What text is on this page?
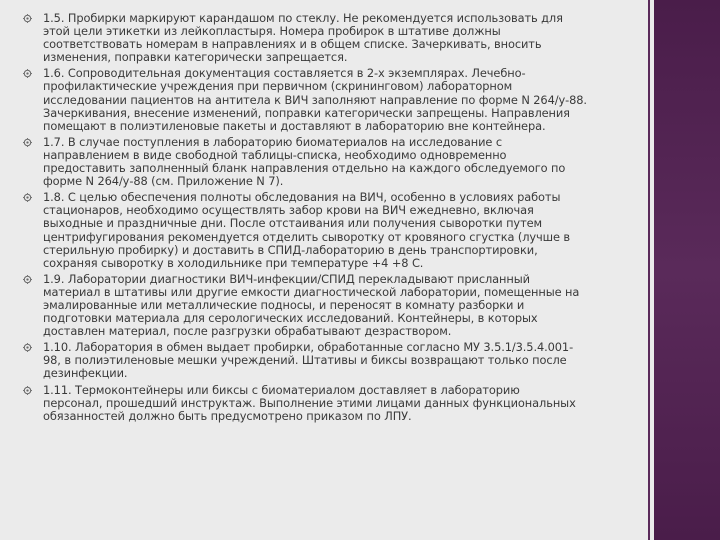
1.5. Пробирки маркируют карандашом по стеклу. Не рекомендуется использовать для
этой цели этикетки из лейкопластыря. Номера пробирок в штативе должны
соответствовать номерам в направлениях и в общем списке. Зачеркивать, вносить
изменения, поправки категорически запрещается.
1.6. Сопроводительная документация составляется в 2-х экземплярах. Лечебно-
профилактические учреждения при первичном (скрининговом) лабораторном
исследовании пациентов на антитела к ВИЧ заполняют направление по форме N 264/у-88.
Зачеркивания, внесение изменений, поправки категорически запрещены. Направления
помещают в полиэтиленовые пакеты и доставляют в лабораторию вне контейнера.
1.7. В случае поступления в лабораторию биоматериалов на исследование с
направлением в виде свободной таблицы-списка, необходимо одновременно
предоставить заполненный бланк направления отдельно на каждого обследуемого по
форме N 264/у-88 (см. Приложение N 7).
1.8. С целью обеспечения полноты обследования на ВИЧ, особенно в условиях работы
стационаров, необходимо осуществлять забор крови на ВИЧ ежедневно, включая
выходные и праздничные дни. После отстаивания или получения сыворотки путем
центрифугирования рекомендуется отделить сыворотку от кровяного сгустка (лучше в
стерильную пробирку) и доставить в СПИД-лабораторию в день транспортировки,
сохраняя сыворотку в холодильнике при температуре +4 +8 С.
1.9. Лаборатории диагностики ВИЧ-инфекции/СПИД перекладывают присланный
материал в штативы или другие емкости диагностической лаборатории, помещенные на
эмалированные или металлические подносы, и переносят в комнату разборки и
подготовки материала для серологических исследований. Контейнеры, в которых
доставлен материал, после разгрузки обрабатывают дезраствором.
1.10. Лаборатория в обмен выдает пробирки, обработанные согласно МУ 3.5.1/3.5.4.001-
98, в полиэтиленовые мешки учреждений. Штативы и биксы возвращают только после
дезинфекции.
1.11. Термоконтейнеры или биксы с биоматериалом доставляет в лабораторию
персонал, прошедший инструктаж. Выполнение этими лицами данных функциональных
обязанностей должно быть предусмотрено приказом по ЛПУ.
